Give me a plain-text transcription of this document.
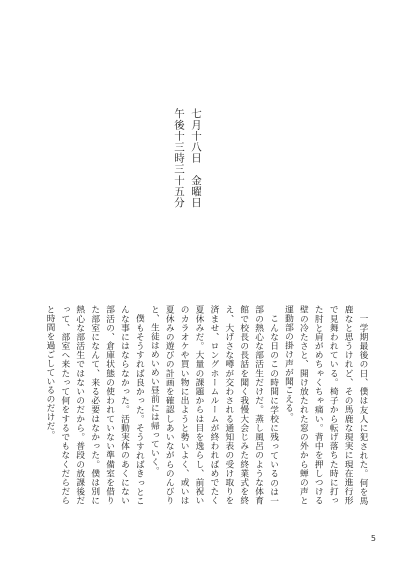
七月十八日　金曜日
午後十三時三十五分

一学期最後の日、僕は友人に犯された。何を馬鹿なと思うけれど、その馬鹿な現実に現在進行形で見舞われている。椅子から転げ落ちた時に打った肘と肩がめちゃくちゃ痛い。背中を押しつける壁の冷たさと、開け放たれた窓の外から蝉の声と運動部の掛け声が聞こえる。

こんな日のこの時間に学校に残っているのは一部の熱心な部活生だけだ。蒸し風呂のような体育館で校長の長話を聞く我慢大会じみた終業式を終え、大げさな噂が交わされる通知表の受け取りを済ませ、ロングホームルームが終わればめでたく夏休みだ。大量の課題からは目を逸らし、前祝いのカラオケや買い物に出ようと勢いよく、或いは夏休みの遊びの計画を確認しあいながらのんびりと、生徒はめいめい昼前には帰っていく。

僕もそうすれば良かった。そうすればきっとこんな事にはならなかった。活動実体のあくにない部活の、倉庫状態の使われていない準備室を借りた部室になんて、来る必要はなかった。僕は別に熱心な部活生ではないのだから。普段の放課後だって、部室へ来たって何をするでもなくだらだらと時間を過ごしているのだけだ。

5
